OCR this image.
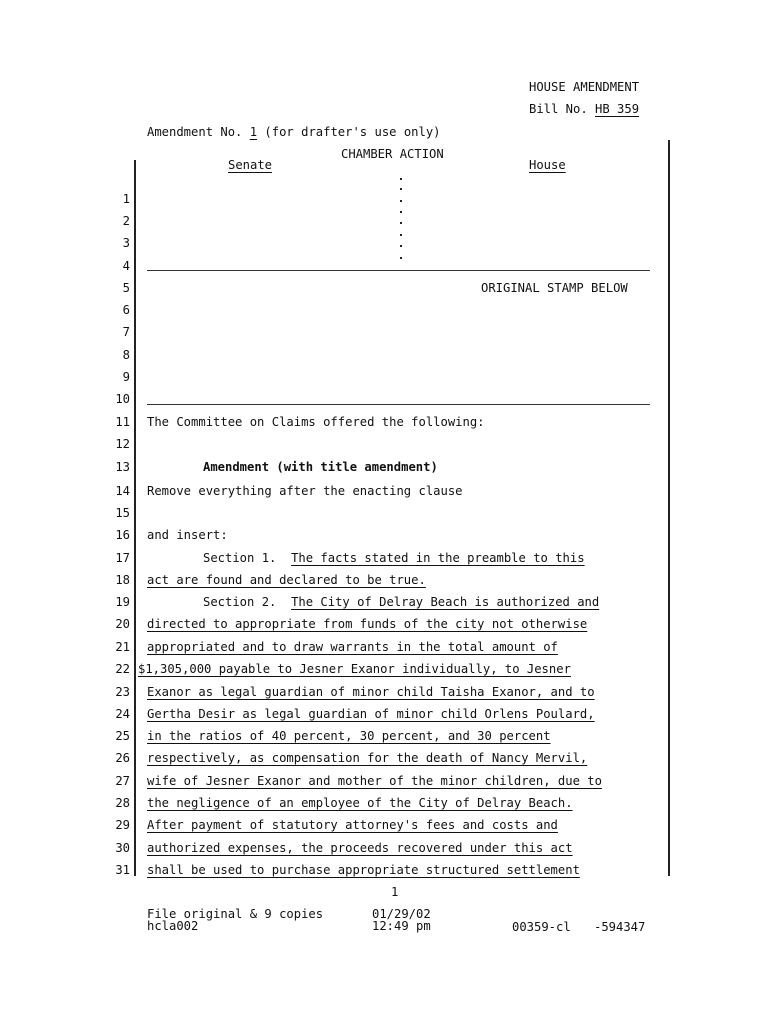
HOUSE AMENDMENT
Bill No. HB 359
Amendment No. 1 (for drafter's use only)
CHAMBER ACTION
Senate	House
ORIGINAL STAMP BELOW
1
2
3
4
5
6
7
8
9
10
11
12
13
14
15
16
17
18
19
20
21
22
23
24
25
26
27
28
29
30
31
The Committee on Claims offered the following:
Amendment (with title amendment)
Remove everything after the enacting clause
and insert:
Section 1.  The facts stated in the preamble to this
act are found and declared to be true.
Section 2.  The City of Delray Beach is authorized and
directed to appropriate from funds of the city not otherwise
appropriated and to draw warrants in the total amount of
$1,305,000 payable to Jesner Exanor individually, to Jesner
Exanor as legal guardian of minor child Taisha Exanor, and to
Gertha Desir as legal guardian of minor child Orlens Poulard,
in the ratios of 40 percent, 30 percent, and 30 percent
respectively, as compensation for the death of Nancy Mervil,
wife of Jesner Exanor and mother of the minor children, due to
the negligence of an employee of the City of Delray Beach.
After payment of statutory attorney's fees and costs and
authorized expenses, the proceeds recovered under this act
shall be used to purchase appropriate structured settlement
1
File original & 9 copies
hcla002
01/29/02
12:49 pm	00359-cl -594347
